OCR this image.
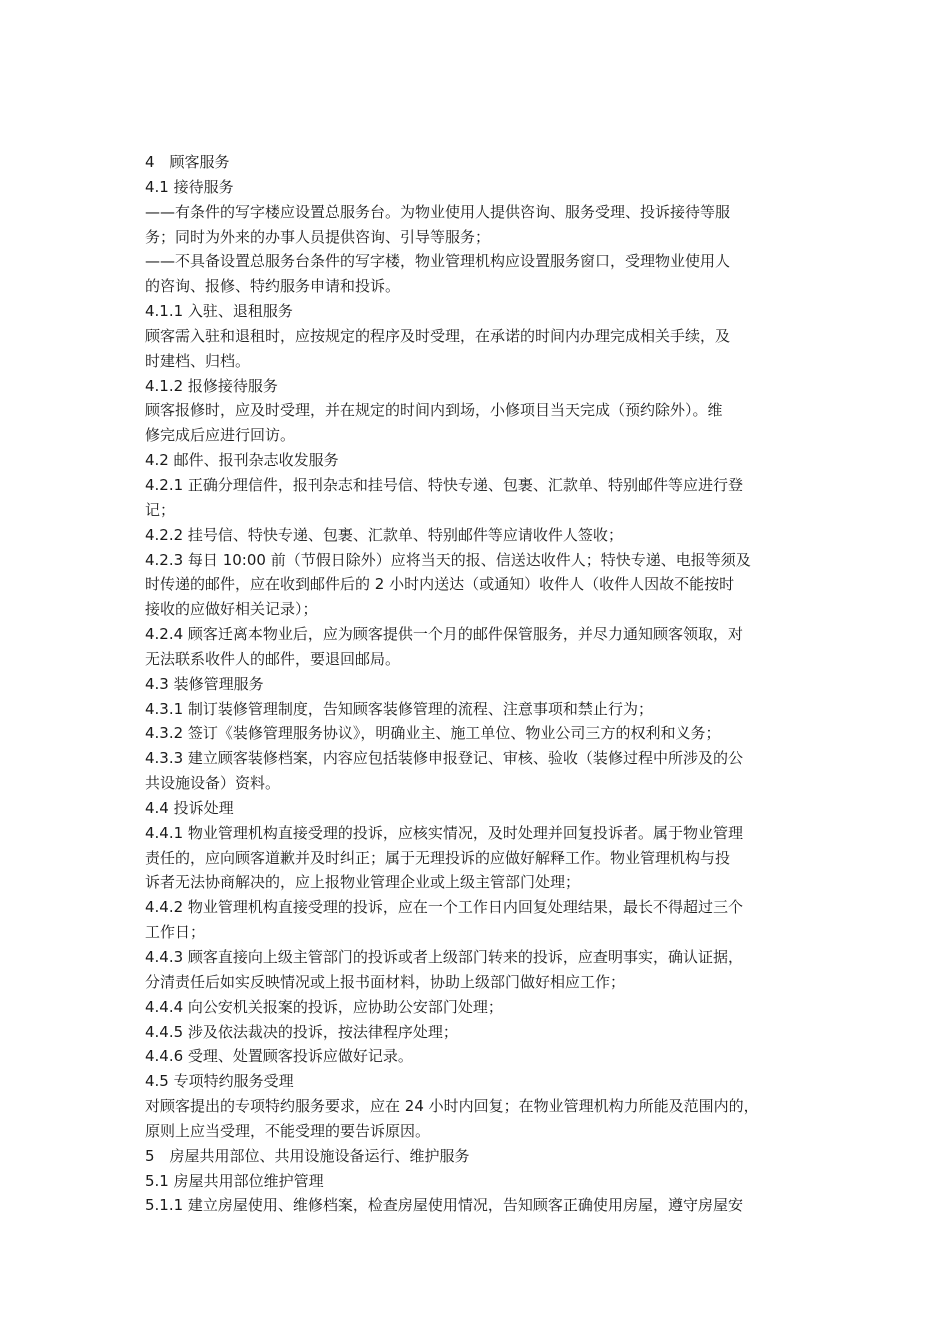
4　顾客服务
4.1 接待服务
——有条件的写字楼应设置总服务台。为物业使用人提供咨询、服务受理、投诉接待等服
务；同时为外来的办事人员提供咨询、引导等服务；
——不具备设置总服务台条件的写字楼，物业管理机构应设置服务窗口，受理物业使用人
的咨询、报修、特约服务申请和投诉。
4.1.1 入驻、退租服务
顾客需入驻和退租时，应按规定的程序及时受理，在承诺的时间内办理完成相关手续，及
时建档、归档。
4.1.2 报修接待服务
顾客报修时，应及时受理，并在规定的时间内到场，小修项目当天完成（预约除外）。维
修完成后应进行回访。
4.2 邮件、报刊杂志收发服务
4.2.1 正确分理信件，报刊杂志和挂号信、特快专递、包裹、汇款单、特别邮件等应进行登
记；
4.2.2 挂号信、特快专递、包裹、汇款单、特别邮件等应请收件人签收；
4.2.3 每日 10:00 前（节假日除外）应将当天的报、信送达收件人；特快专递、电报等须及
时传递的邮件，应在收到邮件后的 2 小时内送达（或通知）收件人（收件人因故不能按时
接收的应做好相关记录）；
4.2.4 顾客迁离本物业后，应为顾客提供一个月的邮件保管服务，并尽力通知顾客领取，对
无法联系收件人的邮件，要退回邮局。
4.3 装修管理服务
4.3.1 制订装修管理制度，告知顾客装修管理的流程、注意事项和禁止行为；
4.3.2 签订《装修管理服务协议》，明确业主、施工单位、物业公司三方的权利和义务；
4.3.3 建立顾客装修档案，内容应包括装修申报登记、审核、验收（装修过程中所涉及的公
共设施设备）资料。
4.4 投诉处理
4.4.1 物业管理机构直接受理的投诉，应核实情况，及时处理并回复投诉者。属于物业管理
责任的，应向顾客道歉并及时纠正；属于无理投诉的应做好解释工作。物业管理机构与投
诉者无法协商解决的，应上报物业管理企业或上级主管部门处理；
4.4.2 物业管理机构直接受理的投诉，应在一个工作日内回复处理结果，最长不得超过三个
工作日；
4.4.3 顾客直接向上级主管部门的投诉或者上级部门转来的投诉，应查明事实，确认证据，
分清责任后如实反映情况或上报书面材料，协助上级部门做好相应工作；
4.4.4 向公安机关报案的投诉，应协助公安部门处理；
4.4.5 涉及依法裁决的投诉，按法律程序处理；
4.4.6 受理、处置顾客投诉应做好记录。
4.5 专项特约服务受理
对顾客提出的专项特约服务要求，应在 24 小时内回复；在物业管理机构力所能及范围内的，
原则上应当受理，不能受理的要告诉原因。
5　房屋共用部位、共用设施设备运行、维护服务
5.1 房屋共用部位维护管理
5.1.1 建立房屋使用、维修档案，检查房屋使用情况，告知顾客正确使用房屋，遵守房屋安
